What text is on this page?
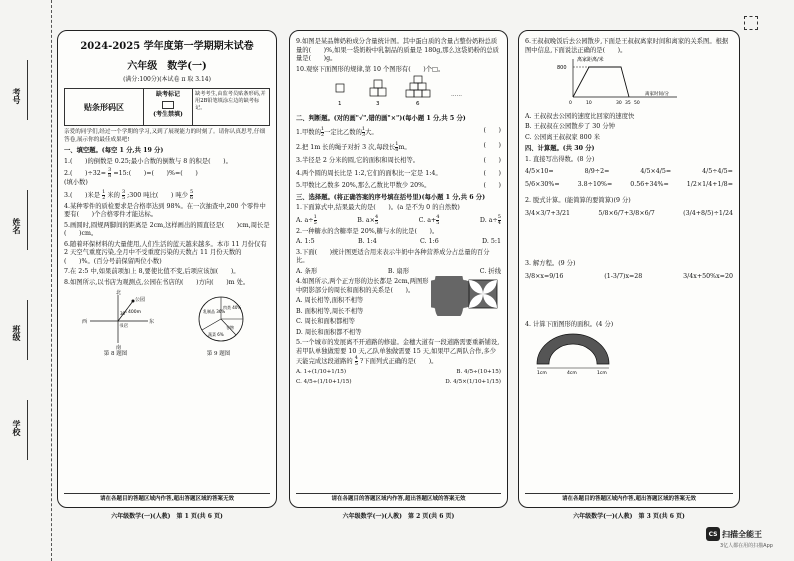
考号
姓名
班级
学校
2024-2025 学年度第一学期期末试卷
六年级　数学(一)
(满分:100分)(本试卷 π 取 3.14)
贴条形码区
缺考标记
(考生禁填)
缺考考生,由监考员贴条形码,并用2B铅笔填涂左边的缺考标记。
亲爱的同学们,经过一个学期的学习,又到了展现能力的时刻了。请你认真思考,仔细答卷,展示你的最佳成果吧!
一、填空题。(每空 1 分,共 19 分)
1.(　　)的倒数是 0.25;最小合数的倒数与 8 的积是(　　)。
2.(　　)$\div 32= \frac{3}{8}$ =15:(　　)=(　　)%=(　　)
(填小数)
3.(　　)米是 $\frac{1}{2}$ 米的 $\frac{3}{5}$ ;300 吨比(　　) 吨少 $\frac{5}{6}$
4.某种零件的质检要求是合格率达到 98%。在一次抽查中,200 个零件中要有(　　)个合格零件才能达标。
5.画圆时,圆规两脚间的距离是 2cm,这样画出的圆直径是(　　)cm,周长是(　　)cm。
6.随着环保材料的大量使用,人们生活的蓝天越来越多。本市 11 月份仅有 2 天空气重度污染,全月中不受重度污染的天数占 11 月份天数的(　　)%。(百分号前保留两位小数)
7.在 2:5 中,如果前项加上 8,要使比值不变,后项应该加(　　)。
8.如图所示,以书店为观测点,公园在书店的(　　)方向(　　)m 处。
公园
400m
书店
30°
北
西	东
南
乳制品 36%
肉类 40%
谷物
蔬菜 6%
第 8 题图	第 9 题图
请在各题目的答题区域内作答,超出答题区域的答案无效
六年级数学(一)(人教)　第 1 页(共 6 页)
9.如图是某品牌奶粉成分含量统计图。其中蛋白质的含量占整份奶粉总质量的(　　)%,如果一袋奶粉中乳制品的质量是 180g,那么这袋奶粉的总质量是(　　)g。
10.观察下面图形的规律,第 10 个图形有(　　)个□。
1	3	6
……
二、判断题。(对的画"√",错的画"×")(每小题 1 分,共 5 分)
1.甲数的 $\frac{1}{2}$ 一定比乙数的 $\frac{1}{3}$ 大。	(　　)
2.把 1m 长的绳子对折 3 次,每段长 $\frac{1}{8}$ m。	(　　)
3.半径是 2 分米的圆,它的面积和周长相等。	(　　)
4.两个圆的周长比是 1:2,它们的面积比一定是 1:4。	(　　)
5.甲数比乙数多 20%,那么乙数比甲数少 20%。	(　　)
三、选择题。(将正确答案的序号填在括号里)(每小题 1 分,共 6 分)
1.下面算式中,结果最大的是(　　)。(a 是不为 0 的自然数)
A. $a\div \frac{1}{5}$	B. $a\times \frac{4}{5}$	C. $a+ \frac{4}{5}$	D. $a\div \frac{5}{4}$
2.一种糖水的含糖率是 20%,糖与水的比是(　　)。
A. 1:5	B. 1:4	C. 1:6	D. 5:1
3.下面(　　)统计图更适合用来表示牛奶中各种营养成分占总量的百分比。
A. 条形	B. 扇形	C. 折线
4.如图所示,两个正方形的边长都是 2cm,两图形中阴影部分的周长和面积的关系是(　　)。
A. 周长相等,面积不相等
B. 面积相等,周长不相等
C. 周长和面积都相等
D. 周长和面积都不相等
5.一个城市的发展离不开道路的修建。金穗大道有一段道路需要重新铺设,若甲队单独做需要 10 天,乙队单独做需要 15 天,如果甲乙两队合作,多少天能完成这段道路的 $\frac{4}{5}$ ?下面列式正确的是(　　)。
A. 1÷(1/10+1/15)	B. 4/5÷(10+15)
C. 4/5÷(1/10+1/15)	D. 4/5×(1/10+1/15)
请在各题目的答题区域内作答,超出答题区域的答案无效
六年级数学(一)(人教)　第 2 页(共 6 页)
6.王叔叔晚饭后去公园散步,下面是王叔叔离家时间和离家的关系图。根据图中信息,下面说法正确的是(　　)。
800
离家距离/米
0	10	30 35 50
离家时间/分
A. 王叔叔去公园的速度比回家的速度快
B. 王叔叔在公园散步了 30 分钟
C. 公园离王叔叔家 800 米
四、计算题。(共 30 分)
1. 直接写出得数。(8 分)
4/5×10=	8/9÷2=	4/5×4/5=	4/5÷4/5=
5/6×30%=	3.8÷10%=	0.56+34%=	1/2×1/4+1/8=
2. 脱式计算。(能简算的要简算)(9 分)
3/4×3/7+3/21	5/8×6/7+3/8×6/7	(3/4+8/5)÷1/24
3. 解方程。(9 分)
3/8×x=9/16	(1-3/7)x=28	3/4x+50%x=20
4. 计算下面图形的面积。(4 分)
1cm	4cm	1cm
请在各题目的答题区域内作答,超出答题区域的答案无效
六年级数学(一)(人教)　第 3 页(共 6 页)
CS 扫描全能王
3亿人都在用的扫描App
